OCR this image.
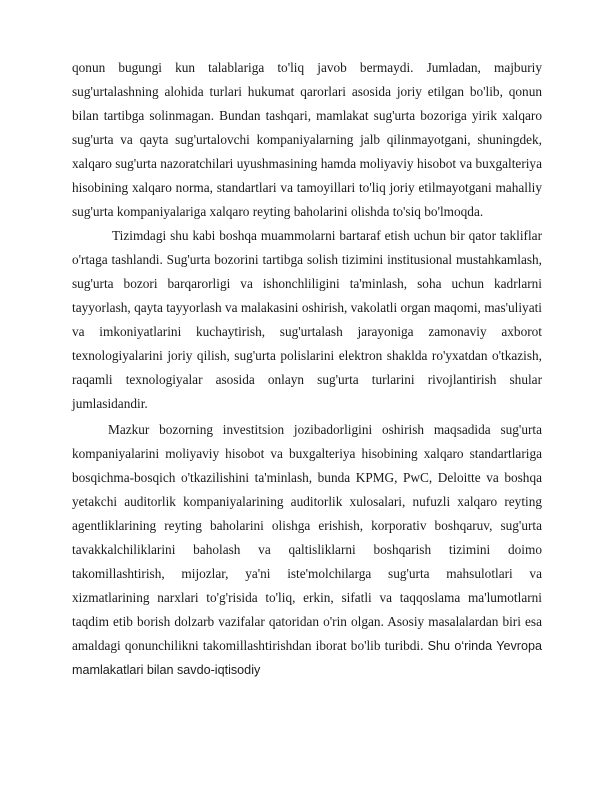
qonun bugungi kun talablariga to'liq javob bermaydi. Jumladan, majburiy sug'urtalashning alohida turlari hukumat qarorlari asosida joriy etilgan bo'lib, qonun bilan tartibga solinmagan. Bundan tashqari, mamlakat sug'urta bozoriga yirik xalqaro sug'urta va qayta sug'urtalovchi kompaniyalarning jalb qilinmayotgani, shuningdek, xalqaro sug'urta nazoratchilari uyushmasining hamda moliyaviy hisobot va buxgalteriya hisobining xalqaro norma, standartlari va tamoyillari to'liq joriy etilmayotgani mahalliy sug'urta kompaniyalariga xalqaro reyting baholarini olishda to'siq bo'lmoqda.

Tizimdagi shu kabi boshqa muammolarni bartaraf etish uchun bir qator takliflar o'rtaga tashlandi. Sug'urta bozorini tartibga solish tizimini institusional mustahkamlash, sug'urta bozori barqarorligi va ishonchliligini ta'minlash, soha uchun kadrlarni tayyorlash, qayta tayyorlash va malakasini oshirish, vakolatli organ maqomi, mas'uliyati va imkoniyatlarini kuchaytirish, sug'urtalash jarayoniga zamonaviy axborot texnologiyalarini joriy qilish, sug'urta polislarini elektron shaklda ro'yxatdan o'tkazish, raqamli texnologiyalar asosida onlayn sug'urta turlarini rivojlantirish shular jumlasidandir.

Mazkur bozorning investitsion jozibadorligini oshirish maqsadida sug'urta kompaniyalarini moliyaviy hisobot va buxgalteriya hisobining xalqaro standartlariga bosqichma-bosqich o'tkazilishini ta'minlash, bunda KPMG, PwC, Deloitte va boshqa yetakchi auditorlik kompaniyalarining auditorlik xulosalari, nufuzli xalqaro reyting agentliklarining reyting baholarini olishga erishish, korporativ boshqaruv, sug'urta tavakkalchiliklarini baholash va qaltisliklarni boshqarish tizimini doimo takomillashtirish, mijozlar, ya'ni iste'molchilarga sug'urta mahsulotlari va xizmatlarining narxlari to'g'risida to'liq, erkin, sifatli va taqqoslama ma'lumotlarni taqdim etib borish dolzarb vazifalar qatoridan o'rin olgan. Asosiy masalalardan biri esa amaldagi qonunchilikni takomillashtirishdan iborat bo'lib turibdi. Shu o‘rinda Yevropa mamlakatlari bilan savdo-iqtisodiy
